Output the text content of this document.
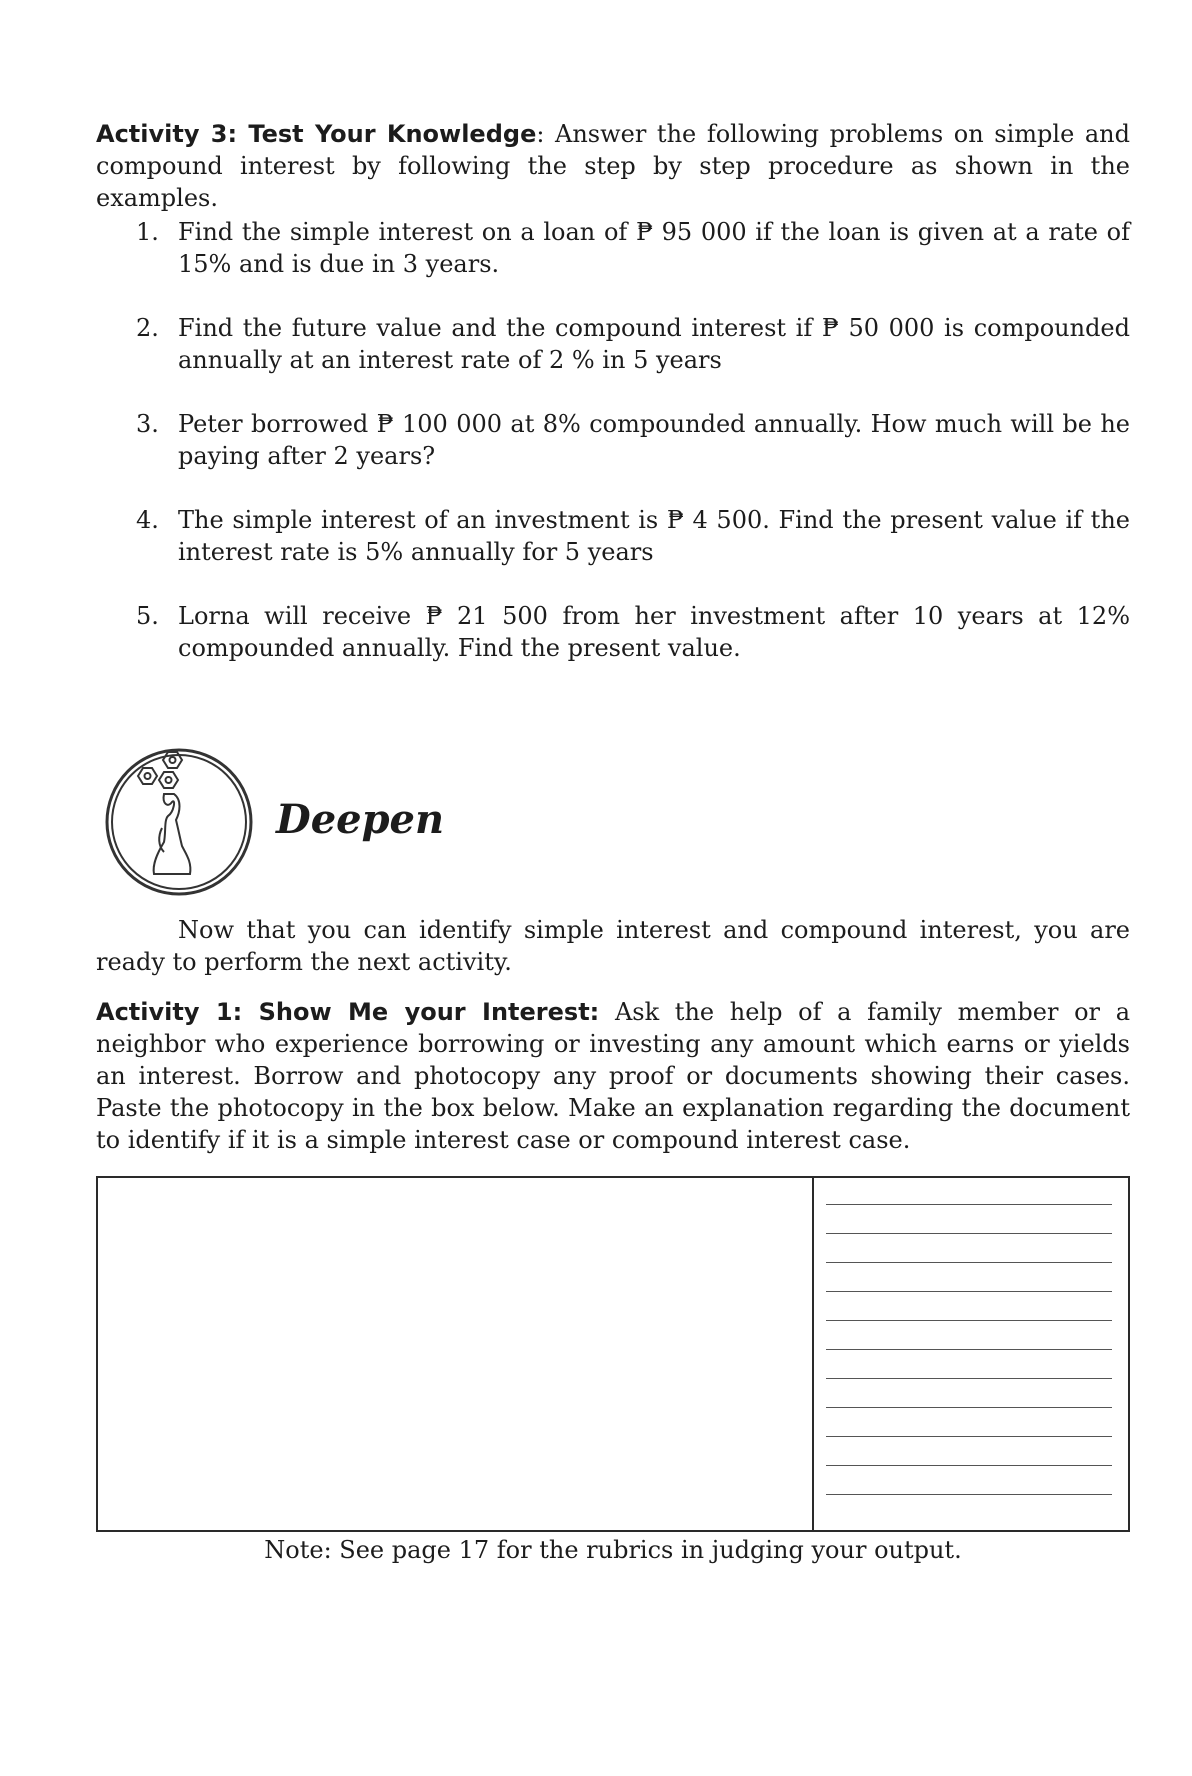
Activity 3: Test Your Knowledge: Answer the following problems on simple and compound interest by following the step by step procedure as shown in the examples.

1. Find the simple interest on a loan of ₱ 95 000 if the loan is given at a rate of 15% and is due in 3 years.
2. Find the future value and the compound interest if ₱ 50 000 is compounded annually at an interest rate of 2 % in 5 years
3. Peter borrowed ₱ 100 000 at 8% compounded annually. How much will be he paying after 2 years?
4. The simple interest of an investment is ₱ 4 500. Find the present value if the interest rate is 5% annually for 5 years
5. Lorna will receive ₱ 21 500 from her investment after 10 years at 12% compounded annually. Find the present value.
Deepen

Now that you can identify simple interest and compound interest, you are ready to perform the next activity.

Activity 1: Show Me your Interest: Ask the help of a family member or a neighbor who experience borrowing or investing any amount which earns or yields an interest. Borrow and photocopy any proof or documents showing their cases. Paste the photocopy in the box below. Make an explanation regarding the document to identify if it is a simple interest case or compound interest case.

Note: See page 17 for the rubrics in judging your output.
